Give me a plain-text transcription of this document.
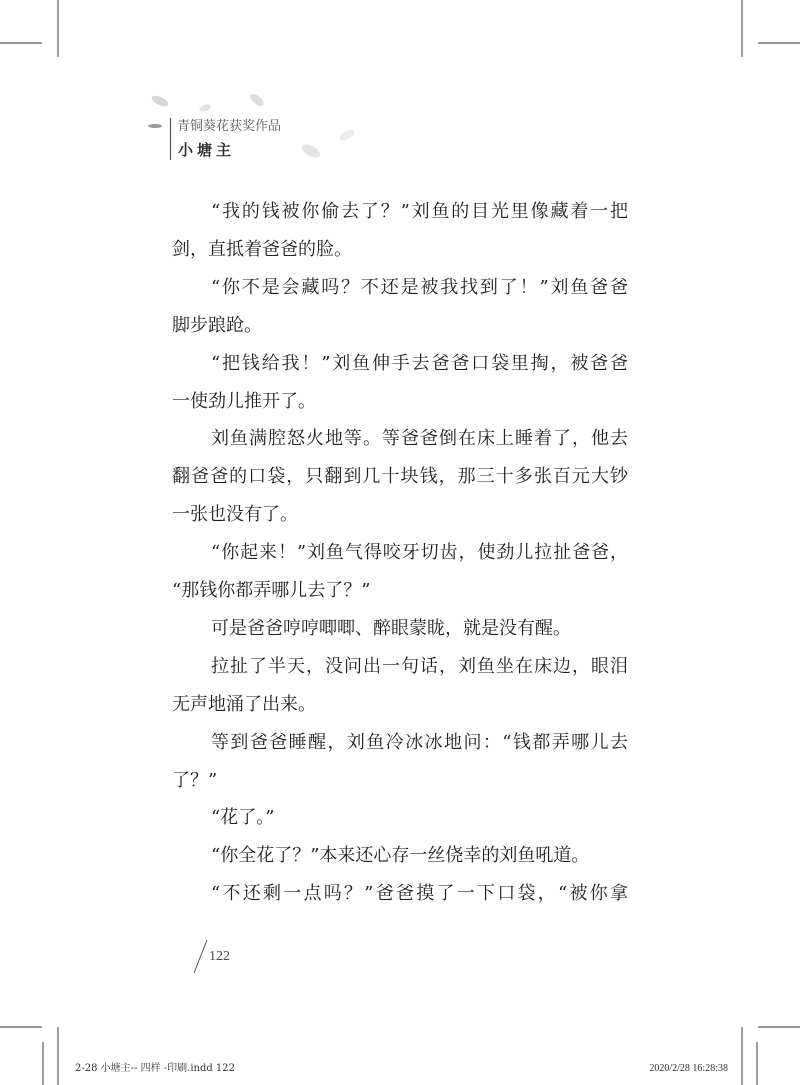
青铜葵花获奖作品
小塘主
“我的钱被你偷去了？”刘鱼的目光里像藏着一把
剑，直抵着爸爸的脸。
“你不是会藏吗？不还是被我找到了！”刘鱼爸爸
脚步踉跄。
“把钱给我！”刘鱼伸手去爸爸口袋里掏，被爸爸
一使劲儿推开了。
刘鱼满腔怒火地等。等爸爸倒在床上睡着了，他去
翻爸爸的口袋，只翻到几十块钱，那三十多张百元大钞
一张也没有了。
“你起来！”刘鱼气得咬牙切齿，使劲儿拉扯爸爸，
“那钱你都弄哪儿去了？”
可是爸爸哼哼唧唧、醉眼蒙眬，就是没有醒。
拉扯了半天，没问出一句话，刘鱼坐在床边，眼泪
无声地涌了出来。
等到爸爸睡醒，刘鱼冷冰冰地问：“钱都弄哪儿去
了？”
“花了。”
“你全花了？”本来还心存一丝侥幸的刘鱼吼道。
“不还剩一点吗？”爸爸摸了一下口袋，“被你拿
122
2-28 小塘主-- 四样 -印刷.indd 122	2020/2/28 16:28:38
